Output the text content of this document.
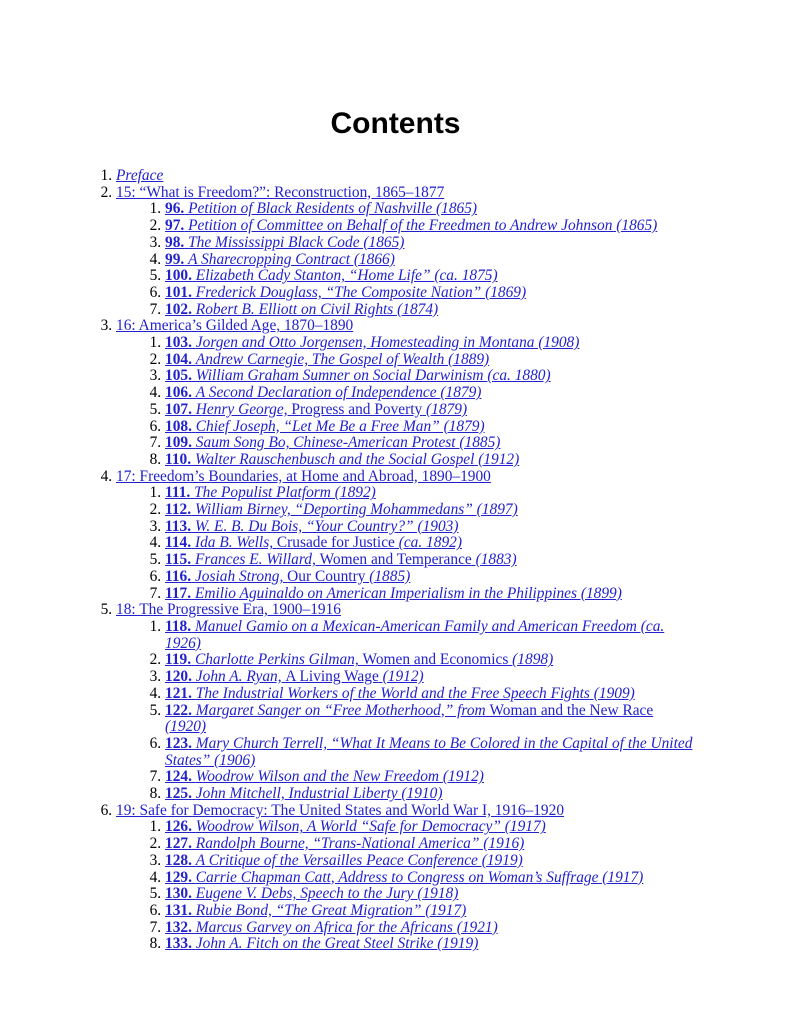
Contents
1. Preface
2. 15: “What is Freedom?”: Reconstruction, 1865–1877
1. 96. Petition of Black Residents of Nashville (1865)
2. 97. Petition of Committee on Behalf of the Freedmen to Andrew Johnson (1865)
3. 98. The Mississippi Black Code (1865)
4. 99. A Sharecropping Contract (1866)
5. 100. Elizabeth Cady Stanton, “Home Life” (ca. 1875)
6. 101. Frederick Douglass, “The Composite Nation” (1869)
7. 102. Robert B. Elliott on Civil Rights (1874)
3. 16: America’s Gilded Age, 1870–1890
1. 103. Jorgen and Otto Jorgensen, Homesteading in Montana (1908)
2. 104. Andrew Carnegie, The Gospel of Wealth (1889)
3. 105. William Graham Sumner on Social Darwinism (ca. 1880)
4. 106. A Second Declaration of Independence (1879)
5. 107. Henry George, Progress and Poverty (1879)
6. 108. Chief Joseph, “Let Me Be a Free Man” (1879)
7. 109. Saum Song Bo, Chinese-American Protest (1885)
8. 110. Walter Rauschenbusch and the Social Gospel (1912)
4. 17: Freedom’s Boundaries, at Home and Abroad, 1890–1900
1. 111. The Populist Platform (1892)
2. 112. William Birney, “Deporting Mohammedans” (1897)
3. 113. W. E. B. Du Bois, “Your Country?” (1903)
4. 114. Ida B. Wells, Crusade for Justice (ca. 1892)
5. 115. Frances E. Willard, Women and Temperance (1883)
6. 116. Josiah Strong, Our Country (1885)
7. 117. Emilio Aguinaldo on American Imperialism in the Philippines (1899)
5. 18: The Progressive Era, 1900–1916
1. 118. Manuel Gamio on a Mexican-American Family and American Freedom (ca. 1926)
2. 119. Charlotte Perkins Gilman, Women and Economics (1898)
3. 120. John A. Ryan, A Living Wage (1912)
4. 121. The Industrial Workers of the World and the Free Speech Fights (1909)
5. 122. Margaret Sanger on “Free Motherhood,” from Woman and the New Race (1920)
6. 123. Mary Church Terrell, “What It Means to Be Colored in the Capital of the United States” (1906)
7. 124. Woodrow Wilson and the New Freedom (1912)
8. 125. John Mitchell, Industrial Liberty (1910)
6. 19: Safe for Democracy: The United States and World War I, 1916–1920
1. 126. Woodrow Wilson, A World “Safe for Democracy” (1917)
2. 127. Randolph Bourne, “Trans-National America” (1916)
3. 128. A Critique of the Versailles Peace Conference (1919)
4. 129. Carrie Chapman Catt, Address to Congress on Woman’s Suffrage (1917)
5. 130. Eugene V. Debs, Speech to the Jury (1918)
6. 131. Rubie Bond, “The Great Migration” (1917)
7. 132. Marcus Garvey on Africa for the Africans (1921)
8. 133. John A. Fitch on the Great Steel Strike (1919)
